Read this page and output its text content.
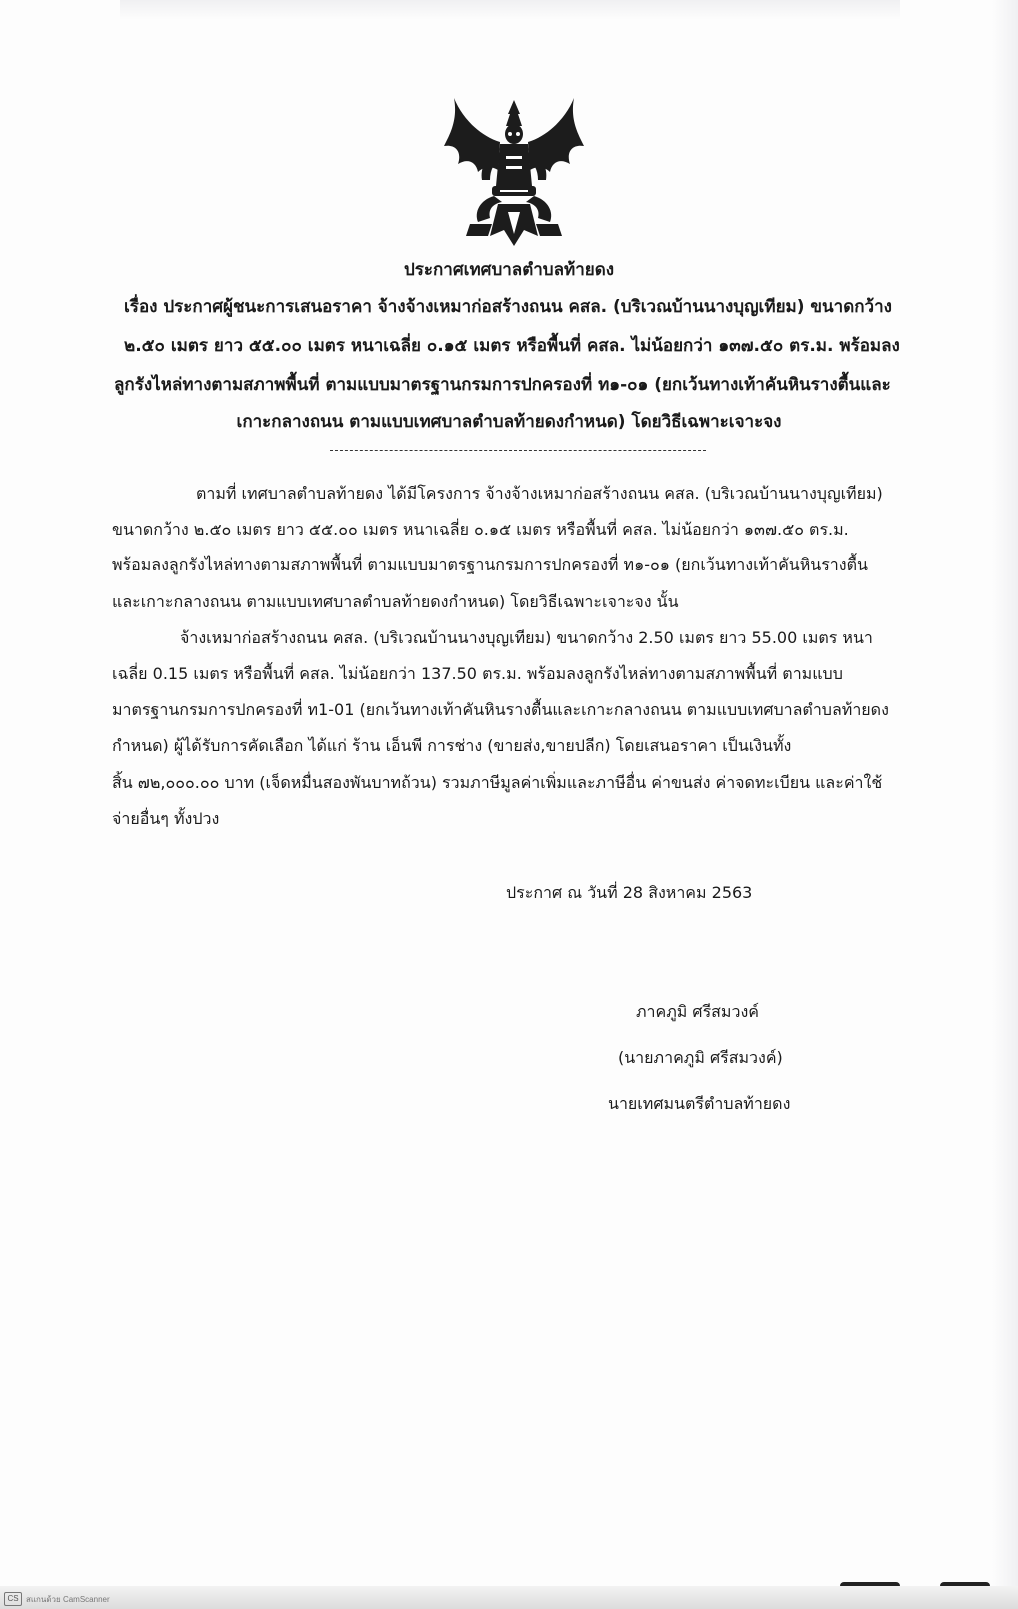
ประกาศเทศบาลตำบลท้ายดง
เรื่อง ประกาศผู้ชนะการเสนอราคา จ้างจ้างเหมาก่อสร้างถนน คสล. (บริเวณบ้านนางบุญเทียม) ขนาดกว้าง
๒.๕๐ เมตร ยาว ๕๕.๐๐ เมตร หนาเฉลี่ย ๐.๑๕ เมตร หรือพื้นที่ คสล. ไม่น้อยกว่า ๑๓๗.๕๐ ตร.ม. พร้อมลง
ลูกรังไหล่ทางตามสภาพพื้นที่ ตามแบบมาตรฐานกรมการปกครองที่ ท๑-๐๑ (ยกเว้นทางเท้าคันหินรางตื้นและ
เกาะกลางถนน ตามแบบเทศบาลตำบลท้ายดงกำหนด) โดยวิธีเฉพาะเจาะจง
ตามที่ เทศบาลตำบลท้ายดง ได้มีโครงการ จ้างจ้างเหมาก่อสร้างถนน คสล. (บริเวณบ้านนางบุญเทียม)
ขนาดกว้าง ๒.๕๐ เมตร ยาว ๕๕.๐๐ เมตร หนาเฉลี่ย ๐.๑๕ เมตร หรือพื้นที่ คสล. ไม่น้อยกว่า ๑๓๗.๕๐ ตร.ม.
พร้อมลงลูกรังไหล่ทางตามสภาพพื้นที่ ตามแบบมาตรฐานกรมการปกครองที่ ท๑-๐๑ (ยกเว้นทางเท้าคันหินรางตื้น
และเกาะกลางถนน ตามแบบเทศบาลตำบลท้ายดงกำหนด) โดยวิธีเฉพาะเจาะจง นั้น
จ้างเหมาก่อสร้างถนน คสล. (บริเวณบ้านนางบุญเทียม) ขนาดกว้าง 2.50 เมตร ยาว 55.00 เมตร หนา
เฉลี่ย 0.15 เมตร หรือพื้นที่ คสล. ไม่น้อยกว่า 137.50 ตร.ม. พร้อมลงลูกรังไหล่ทางตามสภาพพื้นที่ ตามแบบ
มาตรฐานกรมการปกครองที่ ท1-01 (ยกเว้นทางเท้าคันหินรางตื้นและเกาะกลางถนน ตามแบบเทศบาลตำบลท้ายดง
กำหนด) ผู้ได้รับการคัดเลือก ได้แก่ ร้าน เอ็นพี การช่าง (ขายส่ง,ขายปลีก) โดยเสนอราคา เป็นเงินทั้ง
สิ้น ๗๒,๐๐๐.๐๐ บาท (เจ็ดหมื่นสองพันบาทถ้วน) รวมภาษีมูลค่าเพิ่มและภาษีอื่น ค่าขนส่ง ค่าจดทะเบียน และค่าใช้
จ่ายอื่นๆ ทั้งปวง
ประกาศ ณ วันที่ 28 สิงหาคม 2563
ภาคภูมิ ศรีสมวงค์
(นายภาคภูมิ ศรีสมวงค์)
นายเทศมนตรีตำบลท้ายดง
CS สแกนด้วย CamScanner
